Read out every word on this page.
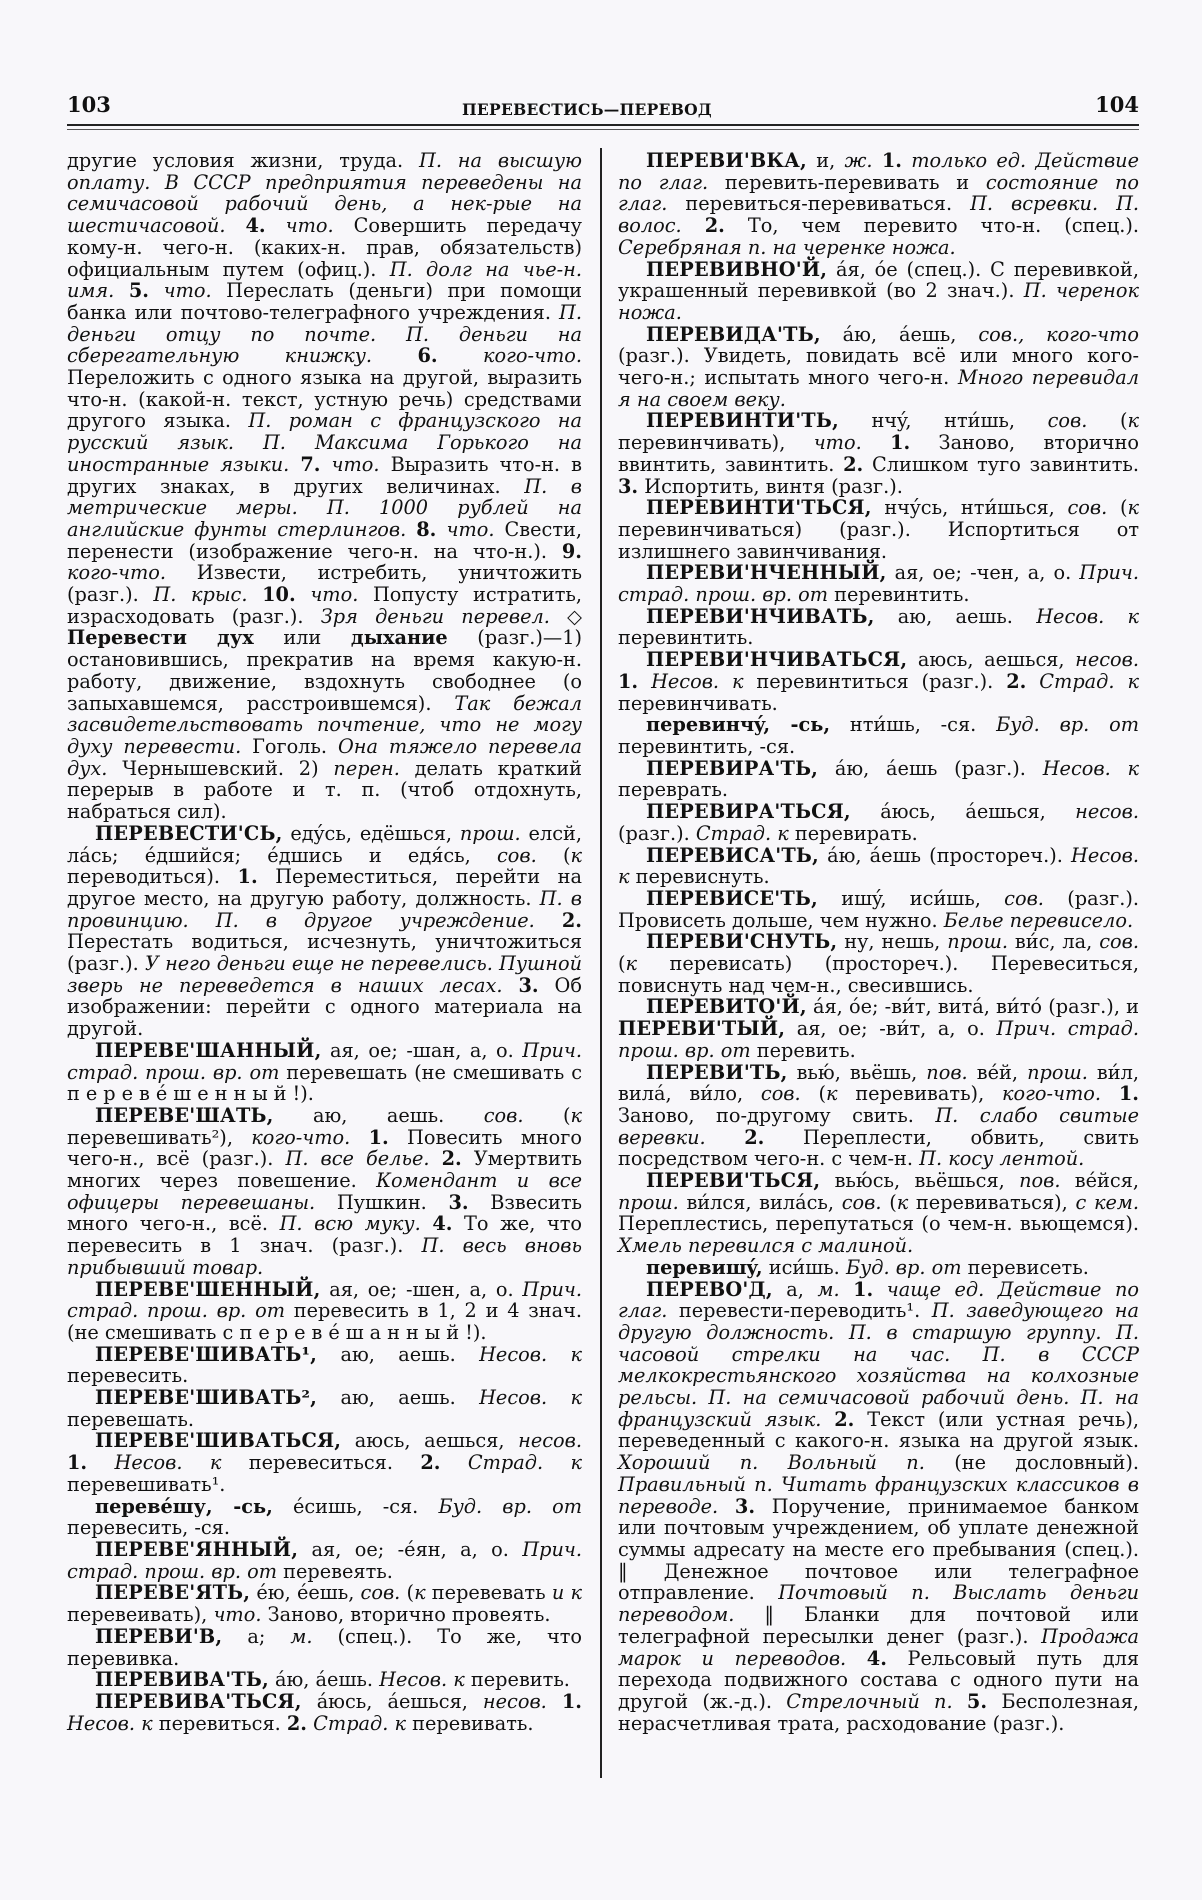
103	ПЕРЕВЕСТИСЬ—ПЕРЕВОД	104

другие условия жизни, труда. П. на высшую оплату. В СССР предприятия переведены на семичасовой рабочий день, а нек-рые на шестичасовой. 4. что. Совершить передачу кому-н. чего-н. (каких-н. прав, обязательств) официальным путем (офиц.). П. долг на чье-н. имя. 5. что. Переслать (деньги) при помощи банка или почтово-телеграфного учреждения. П. деньги отцу по почте. П. деньги на сберегательную книжку. 6. кого-что. Переложить с одного языка на другой, выразить что-н. (какой-н. текст, устную речь) средствами другого языка. П. роман с французского на русский язык. П. Максима Горького на иностранные языки. 7. что. Выразить что-н. в других знаках, в других величинах. П. в метрические меры. П. 1000 рублей на английские фунты стерлингов. 8. что. Свести, перенести (изображение чего-н. на что-н.). 9. кого-что. Извести, истребить, уничтожить (разг.). П. крыс. 10. что. Попусту истратить, израсходовать (разг.). Зря деньги перевел. ◇ Перевести дух или дыхание (разг.)—1) остановившись, прекратив на время какую-н. работу, движение, вздохнуть свободнее (о запыхавшемся, расстроившемся). Так бежал засвидетельствовать почтение, что не могу духу перевести. Гоголь. Она тяжело перевела дух. Чернышевский. 2) перен. делать краткий перерыв в работе и т. п. (чтоб отдохнуть, набраться сил).

ПЕРЕВЕСТИ'СЬ, едýсь, едёшься, прош. елсй, лáсь; éдшийся; éдшись и едя́сь, сов. (к переводиться). 1. Переместиться, перейти на другое место, на другую работу, должность. П. в провинцию. П. в другое учреждение. 2. Перестать водиться, исчезнуть, уничтожиться (разг.). У него деньги еще не перевелись. Пушной зверь не переведется в наших лесах. 3. Об изображении: перейти с одного материала на другой.

ПЕРЕВЕ'ШАННЫЙ, ая, ое; -шан, а, о. Прич. страд. прош. вр. от перевешать (не смешивать с перевéшенный!).

ПЕРЕВЕ'ШАТЬ, аю, аешь. сов. (к перевешивать²), кого-что. 1. Повесить много чего-н., всё (разг.). П. все белье. 2. Умертвить многих через повешение. Комендант и все офицеры перевешаны. Пушкин. 3. Взвесить много чего-н., всё. П. всю муку. 4. То же, что перевесить в 1 знач. (разг.). П. весь вновь прибывший товар.

ПЕРЕВЕ'ШЕННЫЙ, ая, ое; -шен, а, о. Прич. страд. прош. вр. от перевесить в 1, 2 и 4 знач. (не смешивать с перевéшанный!).

ПЕРЕВЕ'ШИВАТЬ¹, аю, аешь. Несов. к перевесить.

ПЕРЕВЕ'ШИВАТЬ², аю, аешь. Несов. к перевешать.

ПЕРЕВЕ'ШИВАТЬСЯ, аюсь, аешься, несов. 1. Несов. к перевеситься. 2. Страд. к перевешивать¹.

перевéшу, -сь, éсишь, -ся. Буд. вр. от перевесить, -ся.

ПЕРЕВЕ'ЯННЫЙ, ая, ое; -éян, а, о. Прич. страд. прош. вр. от перевеять.

ПЕРЕВЕ'ЯТЬ, éю, éешь, сов. (к перевевать и к перевеивать), что. Заново, вторично провеять.

ПЕРЕВИ'В, а; м. (спец.). То же, что перевивка.

ПЕРЕВИВА'ТЬ, áю, áешь. Несов. к перевить.

ПЕРЕВИВА'ТЬСЯ, áюсь, áешься, несов. 1. Несов. к перевиться. 2. Страд. к перевивать.

ПЕРЕВИ'ВКА, и, ж. 1. только ед. Действие по глаг. перевить-перевивать и состояние по глаг. перевиться-перевиваться. П. всревки. П. волос. 2. То, чем перевито что-н. (спец.). Серебряная п. на черенке ножа.

ПЕРЕВИВНО'Й, áя, óе (спец.). С перевивкой, украшенный перевивкой (во 2 знач.). П. черенок ножа.

ПЕРЕВИДА'ТЬ, áю, áешь, сов., кого-что (разг.). Увидеть, повидать всё или много кого-чего-н.; испытать много чего-н. Много перевидал я на своем веку.

ПЕРЕВИНТИ'ТЬ, нчý, нти́шь, сов. (к перевинчивать), что. 1. Заново, вторично ввинтить, завинтить. 2. Слишком туго завинтить. 3. Испортить, винтя (разг.).

ПЕРЕВИНТИ'ТЬСЯ, нчýсь, нти́шься, сов. (к перевинчиваться) (разг.). Испортиться от излишнего завинчивания.

ПЕРЕВИ'НЧЕННЫЙ, ая, ое; -чен, а, о. Прич. страд. прош. вр. от перевинтить.

ПЕРЕВИ'НЧИВАТЬ, аю, аешь. Несов. к перевинтить.

ПЕРЕВИ'НЧИВАТЬСЯ, аюсь, аешься, несов. 1. Несов. к перевинтиться (разг.). 2. Страд. к перевинчивать.

перевинчý, -сь, нти́шь, -ся. Буд. вр. от перевинтить, -ся.

ПЕРЕВИРА'ТЬ, áю, áешь (разг.). Несов. к переврать.

ПЕРЕВИРА'ТЬСЯ, áюсь, áешься, несов. (разг.). Страд. к перевирать.

ПЕРЕВИСА'ТЬ, áю, áешь (простореч.). Несов. к перевиснуть.

ПЕРЕВИСЕ'ТЬ, ишý, иси́шь, сов. (разг.). Провисеть дольше, чем нужно. Белье перевисело.

ПЕРЕВИ'СНУТЬ, ну, нешь, прош. ви́с, ла, сов. (к перевисать) (простореч.). Перевеситься, повиснуть над чем-н., свесившись.

ПЕРЕВИТО'Й, áя, óе; -ви́т, витá, ви́тó (разг.), и ПЕРЕВИ'ТЫЙ, ая, ое; -ви́т, а, о. Прич. страд. прош. вр. от перевить.

ПЕРЕВИ'ТЬ, вью́, вьёшь, пов. ве́й, прош. ви́л, вилá, ви́ло, сов. (к перевивать), кого-что. 1. Заново, по-другому свить. П. слабо свитые веревки. 2. Переплести, обвить, свить посредством чего-н. с чем-н. П. косу лентой.

ПЕРЕВИ'ТЬСЯ, вью́сь, вьёшься, пов. ве́йся, прош. ви́лся, вилáсь, сов. (к перевиваться), с кем. Переплестись, перепутаться (о чем-н. вьющемся). Хмель перевился с малиной.

перевишý, иси́шь. Буд. вр. от перевисеть.

ПЕРЕВО'Д, а, м. 1. чаще ед. Действие по глаг. перевести-переводить¹. П. заведующего на другую должность. П. в старшую группу. П. часовой стрелки на час. П. в СССР мелкокрестьянского хозяйства на колхозные рельсы. П. на семичасовой рабочий день. П. на французский язык. 2. Текст (или устная речь), переведенный с какого-н. языка на другой язык. Хороший п. Вольный п. (не дословный). Правильный п. Читать французских классиков в переводе. 3. Поручение, принимаемое банком или почтовым учреждением, об уплате денежной суммы адресату на месте его пребывания (спец.). ‖ Денежное почтовое или телеграфное отправление. Почтовый п. Выслать деньги переводом. ‖ Бланки для почтовой или телеграфной пересылки денег (разг.). Продажа марок и переводов. 4. Рельсовый путь для перехода подвижного состава с одного пути на другой (ж.-д.). Стрелочный п. 5. Бесполезная, нерасчетливая трата, расходование (разг.).
